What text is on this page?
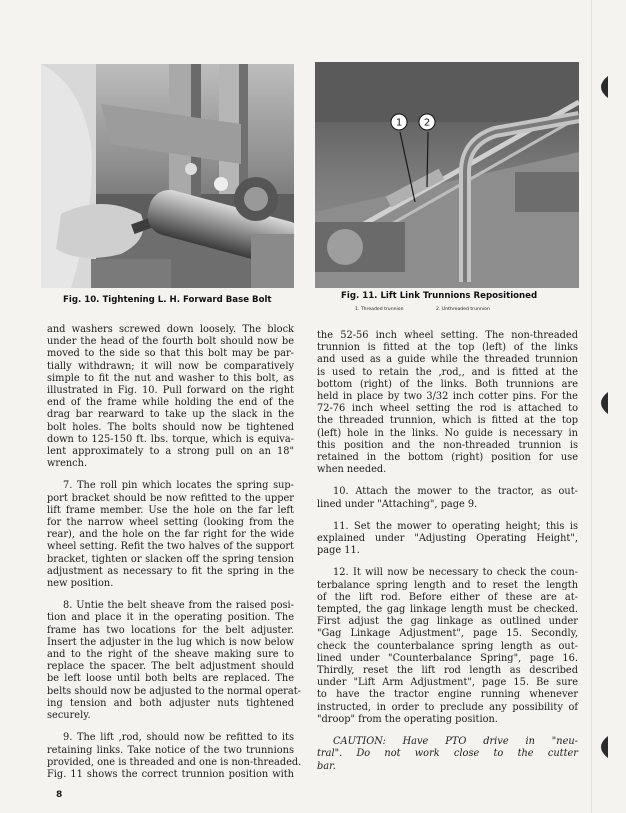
1 2
Fig. 10. Tightening L. H. Forward Base Bolt	Fig. 11. Lift Link Trunnions Repositioned
1. Threaded trunnion	2. Unthreaded trunnion

and washers screwed down loosely. The block
under the head of the fourth bolt should now be
moved to the side so that this bolt may be par-
tially withdrawn; it will now be comparatively
simple to fit the nut and washer to this bolt, as
illustrated in Fig. 10. Pull forward on the right
end of the frame while holding the end of the
drag bar rearward to take up the slack in the
bolt holes. The bolts should now be tightened
down to 125-150 ft. lbs. torque, which is equiva-
lent approximately to a strong pull on an 18"
wrench.

7. The roll pin which locates the spring sup-
port bracket should be now refitted to the upper
lift frame member. Use the hole on the far left
for the narrow wheel setting (looking from the
rear), and the hole on the far right for the wide
wheel setting. Refit the two halves of the support
bracket, tighten or slacken off the spring tension
adjustment as necessary to fit the spring in the
new position.

8. Untie the belt sheave from the raised posi-
tion and place it in the operating position. The
frame has two locations for the belt adjuster.
Insert the adjuster in the lug which is now below
and to the right of the sheave making sure to
replace the spacer. The belt adjustment should
be left loose until both belts are replaced. The
belts should now be adjusted to the normal operat-
ing tension and both adjuster nuts tightened
securely.

9. The lift ,rod, should now be refitted to its
retaining links. Take notice of the two trunnions
provided, one is threaded and one is non-threaded.
Fig. 11 shows the correct trunnion position with

the 52-56 inch wheel setting. The non-threaded
trunnion is fitted at the top (left) of the links
and used as a guide while the threaded trunnion
is used to retain the ,rod,, and is fitted at the
bottom (right) of the links. Both trunnions are
held in place by two 3/32 inch cotter pins. For the
72-76 inch wheel setting the rod is attached to
the threaded trunnion, which is fitted at the top
(left) hole in the links. No guide is necessary in
this position and the non-threaded trunnion is
retained in the bottom (right) position for use
when needed.

10. Attach the mower to the tractor, as out-
lined under "Attaching", page 9.

11. Set the mower to operating height; this is
explained under "Adjusting Operating Height",
page 11.

12. It will now be necessary to check the coun-
terbalance spring length and to reset the length
of the lift rod. Before either of these are at-
tempted, the gag linkage length must be checked.
First adjust the gag linkage as outlined under
"Gag Linkage Adjustment", page 15. Secondly,
check the counterbalance spring length as out-
lined under "Counterbalance Spring", page 16.
Thirdly, reset the lift rod length as described
under "Lift Arm Adjustment", page 15. Be sure
to have the tractor engine running whenever
instructed, in order to preclude any possibility of
"droop" from the operating position.

CAUTION: Have PTO drive in "neu-
tral". Do not work close to the cutter
bar.

8
